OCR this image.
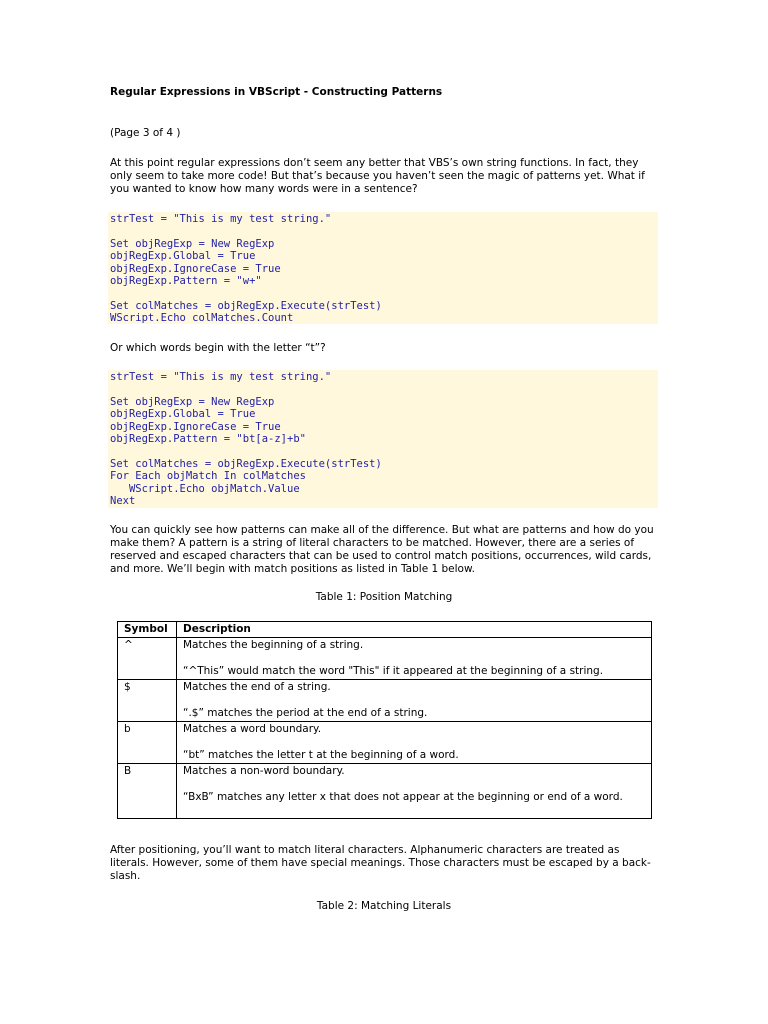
Regular Expressions in VBScript - Constructing Patterns
(Page 3 of 4 )
At this point regular expressions don’t seem any better that VBS’s own string functions. In fact, they only seem to take more code! But that’s because you haven’t seen the magic of patterns yet. What if you wanted to know how many words were in a sentence?
strTest = "This is my test string."
Set objRegExp = New RegExp
objRegExp.Global = True
objRegExp.IgnoreCase = True
objRegExp.Pattern = "w+"
Set colMatches = objRegExp.Execute(strTest)
WScript.Echo colMatches.Count
Or which words begin with the letter “t”?
strTest = "This is my test string."
Set objRegExp = New RegExp
objRegExp.Global = True
objRegExp.IgnoreCase = True
objRegExp.Pattern = "bt[a-z]+b"
Set colMatches = objRegExp.Execute(strTest)
For Each objMatch In colMatches
WScript.Echo objMatch.Value
Next
You can quickly see how patterns can make all of the difference. But what are patterns and how do you make them? A pattern is a string of literal characters to be matched. However, there are a series of reserved and escaped characters that can be used to control match positions, occurrences, wild cards, and more. We’ll begin with match positions as listed in Table 1 below.
Table 1: Position Matching
Symbol	Description
^	Matches the beginning of a string.
“^This” would match the word "This" if it appeared at the beginning of a string.

$	Matches the end of a string.
“.$” matches the period at the end of a string.

b	Matches a word boundary.
“bt” matches the letter t at the beginning of a word.

B	Matches a non-word boundary.
“BxB” matches any letter x that does not appear at the beginning or end of a word.
After positioning, you’ll want to match literal characters. Alphanumeric characters are treated as literals. However, some of them have special meanings. Those characters must be escaped by a back-slash.
Table 2: Matching Literals
